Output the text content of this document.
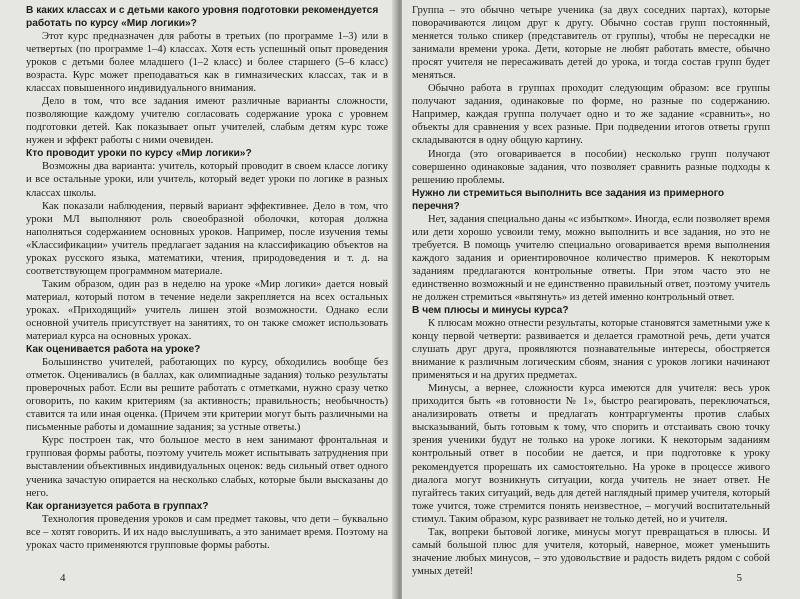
В каких классах и с детьми какого уровня подготовки рекомендуется работать по курсу «Мир логики»?

Этот курс предназначен для работы в третьих (по программе 1–3) или в четвертых (по программе 1–4) классах. Хотя есть успешный опыт проведения уроков с детьми более младшего (1–2 класс) и более старшего (5–6 класс) возраста. Курс может преподаваться как в гимназических классах, так и в классах повышенного индивидуального внимания.

Дело в том, что все задания имеют различные варианты сложности, позволяющие каждому учителю согласовать содержание урока с уровнем подготовки детей. Как показывает опыт учителей, слабым детям курс тоже нужен и эффект работы с ними очевиден.

Кто проводит уроки по курсу «Мир логики»?

Возможны два варианта: учитель, который проводит в своем классе логику и все остальные уроки, или учитель, который ведет уроки по логике в разных классах школы.

Как показали наблюдения, первый вариант эффективнее. Дело в том, что уроки МЛ выполняют роль своеобразной оболочки, которая должна наполняться содержанием основных уроков. Например, после изучения темы «Классификации» учитель предлагает задания на классификацию объектов на уроках русского языка, математики, чтения, природоведения и т. д. на соответствующем программном материале.

Таким образом, один раз в неделю на уроке «Мир логики» дается новый материал, который потом в течение недели закрепляется на всех остальных уроках. «Приходящий» учитель лишен этой возможности. Однако если основной учитель присутствует на занятиях, то он также сможет использовать материал курса на основных уроках.

Как оценивается работа на уроке?

Большинство учителей, работающих по курсу, обходились вообще без отметок. Оценивались (в баллах, как олимпиадные задания) только результаты проверочных работ. Если вы решите работать с отметками, нужно сразу четко оговорить, по каким критериям (за активность; правильность; необычность) ставится та или иная оценка. (Причем эти критерии могут быть различными на письменные работы и домашние задания; за устные ответы.)

Курс построен так, что большое место в нем занимают фронтальная и групповая формы работы, поэтому учитель может испытывать затруднения при выставлении объективных индивидуальных оценок: ведь сильный ответ одного ученика зачастую опирается на несколько слабых, которые были высказаны до него.

Как организуется работа в группах?

Технология проведения уроков и сам предмет таковы, что дети – буквально все – хотят говорить. И их надо выслушивать, а это занимает время. Поэтому на уроках часто применяются групповые формы работы.

4

Группа – это обычно четыре ученика (за двух соседних партах), которые поворачиваются лицом друг к другу. Обычно состав групп постоянный, меняется только спикер (представитель от группы), чтобы не пересадки не занимали времени урока. Дети, которые не любят работать вместе, обычно просят учителя не пересаживать детей до урока, и тогда состав групп будет меняться.

Обычно работа в группах проходит следующим образом: все группы получают задания, одинаковые по форме, но разные по содержанию. Например, каждая группа получает одно и то же задание «сравнить», но объекты для сравнения у всех разные. При подведении итогов ответы групп складываются в одну общую картину.

Иногда (это оговаривается в пособии) несколько групп получают совершенно одинаковые задания, что позволяет сравнить разные подходы к решению проблемы.

Нужно ли стремиться выполнить все задания из примерного перечня?

Нет, задания специально даны «с избытком». Иногда, если позволяет время или дети хорошо усвоили тему, можно выполнить и все задания, но это не требуется. В помощь учителю специально оговаривается время выполнения каждого задания и ориентировочное количество примеров. К некоторым заданиям предлагаются контрольные ответы. При этом часто это не единственно возможный и не единственно правильный ответ, поэтому учитель не должен стремиться «вытянуть» из детей именно контрольный ответ.

В чем плюсы и минусы курса?

К плюсам можно отнести результаты, которые становятся заметными уже к концу первой четверти: развивается и делается грамотной речь, дети учатся слушать друг друга, проявляются познавательные интересы, обостряется внимание к различным логическим сбоям, знания с уроков логики начинают применяться и на других предметах.

Минусы, а вернее, сложности курса имеются для учителя: весь урок приходится быть «в готовности № 1», быстро реагировать, переключаться, анализировать ответы и предлагать контраргументы против слабых высказываний, быть готовым к тому, что спорить и отстаивать свою точку зрения ученики будут не только на уроке логики. К некоторым заданиям контрольный ответ в пособии не дается, и при подготовке к уроку рекомендуется прорешать их самостоятельно. На уроке в процессе живого диалога могут возникнуть ситуации, когда учитель не знает ответ. Не пугайтесь таких ситуаций, ведь для детей наглядный пример учителя, который тоже учится, тоже стремится понять неизвестное, – могучий воспитательный стимул. Таким образом, курс развивает не только детей, но и учителя.

Так, вопреки бытовой логике, минусы могут превращаться в плюсы. И самый большой плюс для учителя, который, наверное, может уменьшить значение любых минусов, – это удовольствие и радость видеть рядом с собой умных детей!

5
